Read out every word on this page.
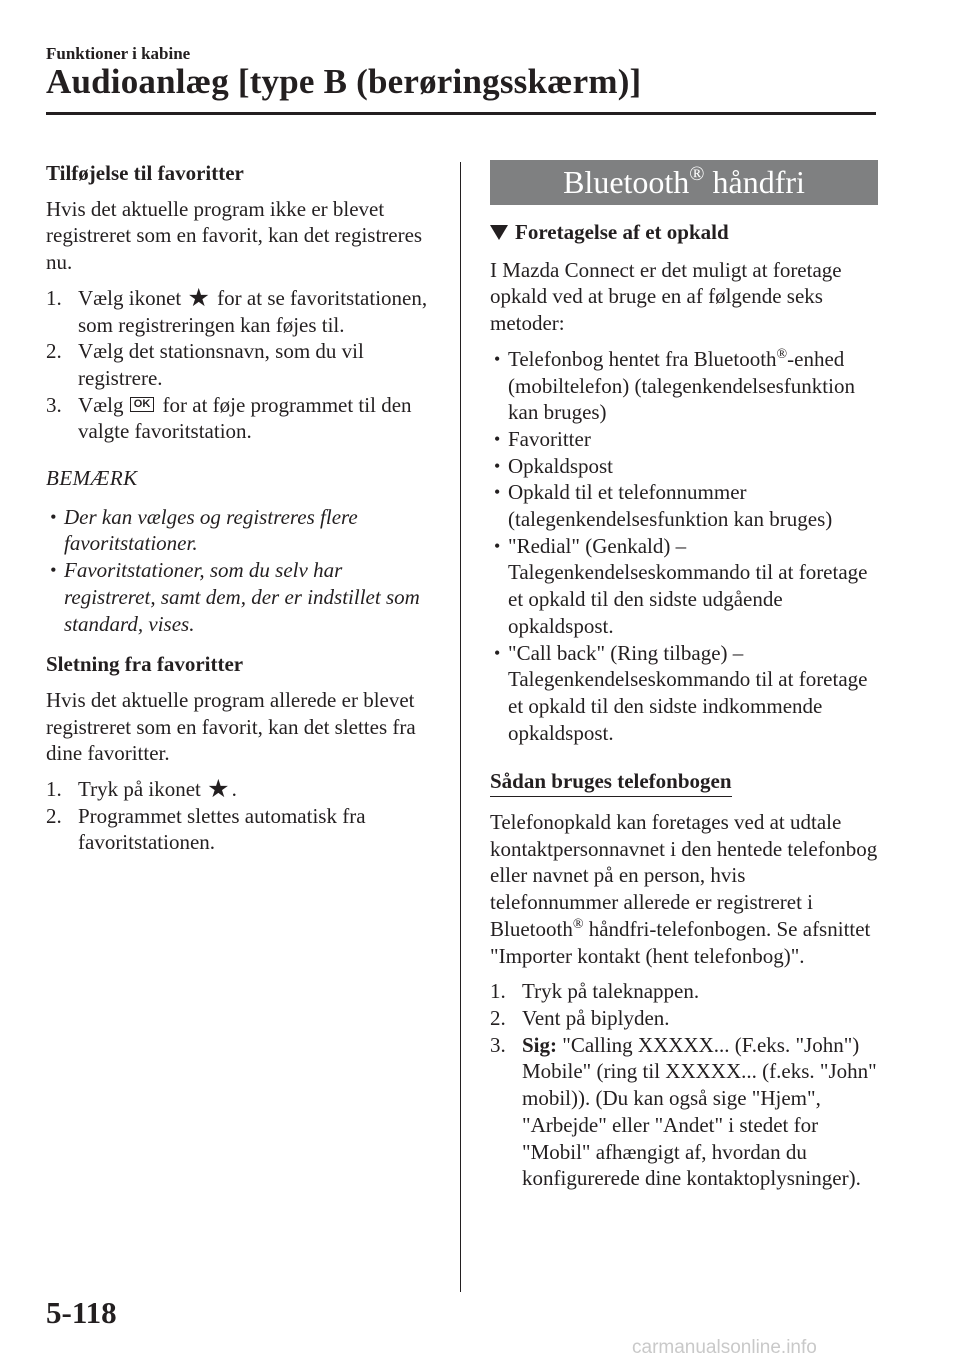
Funktioner i kabine
Audioanlæg [type B (berøringsskærm)]
Tilføjelse til favoritter

Hvis det aktuelle program ikke er blevet registreret som en favorit, kan det registreres nu.

1. Vælg ikonet ★ for at se favoritstationen, som registreringen kan føjes til.
2. Vælg det stationsnavn, som du vil registrere.
3. Vælg OK for at føje programmet til den valgte favoritstation.
BEMÆRK
• Der kan vælges og registreres flere favoritstationer.
• Favoritstationer, som du selv har registreret, samt dem, der er indstillet som standard, vises.
Sletning fra favoritter

Hvis det aktuelle program allerede er blevet registreret som en favorit, kan det slettes fra dine favoritter.

1. Tryk på ikonet ★.
2. Programmet slettes automatisk fra favoritstationen.
Bluetooth® håndfri
Foretagelse af et opkald

I Mazda Connect er det muligt at foretage opkald ved at bruge en af følgende seks metoder:

• Telefonbog hentet fra Bluetooth®-enhed (mobiltelefon) (talegenkendelsesfunktion kan bruges)
• Favoritter
• Opkaldspost
• Opkald til et telefonnummer (talegenkendelsesfunktion kan bruges)
• "Redial" (Genkald) – Talegenkendelseskommando til at foretage et opkald til den sidste udgående opkaldspost.
• "Call back" (Ring tilbage) – Talegenkendelseskommando til at foretage et opkald til den sidste indkommende opkaldspost.
Sådan bruges telefonbogen

Telefonopkald kan foretages ved at udtale kontaktpersonnavnet i den hentede telefonbog eller navnet på en person, hvis telefonnummer allerede er registreret i Bluetooth® håndfri-telefonbogen. Se afsnittet "Importer kontakt (hent telefonbog)".

1. Tryk på taleknappen.
2. Vent på biplyden.
3. Sig: "Calling XXXXX... (F.eks. "John") Mobile" (ring til XXXXX... (f.eks. "John" mobil)). (Du kan også sige "Hjem", "Arbejde" eller "Andet" i stedet for "Mobil" afhængigt af, hvordan du konfigurerede dine kontaktoplysninger).
5-118
carmanualsonline.info
